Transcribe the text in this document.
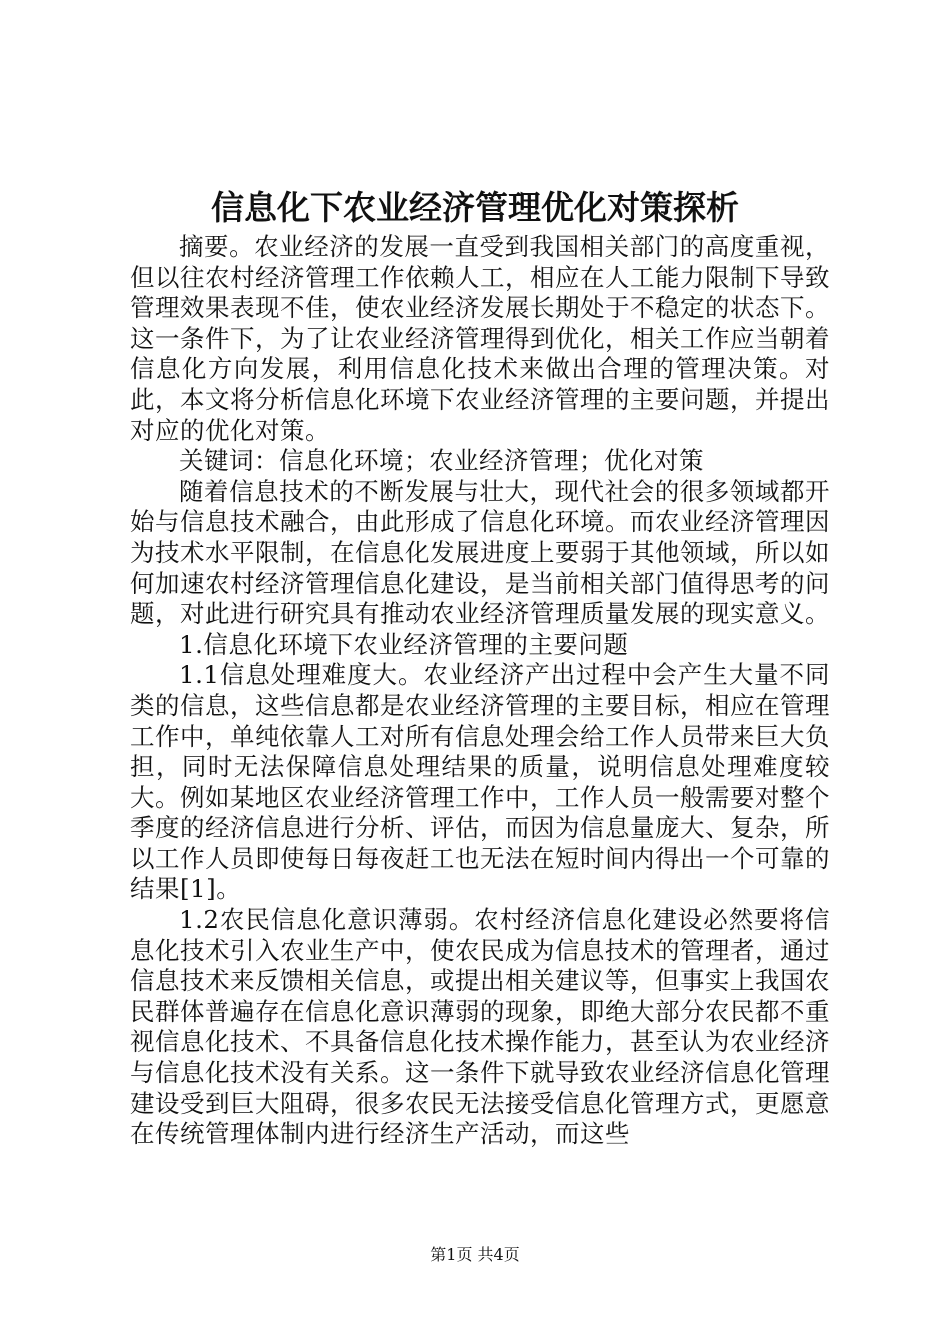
信息化下农业经济管理优化对策探析

摘要。农业经济的发展一直受到我国相关部门的高度重视，但以往农村经济管理工作依赖人工，相应在人工能力限制下导致管理效果表现不佳，使农业经济发展长期处于不稳定的状态下。这一条件下，为了让农业经济管理得到优化，相关工作应当朝着信息化方向发展，利用信息化技术来做出合理的管理决策。对此，本文将分析信息化环境下农业经济管理的主要问题，并提出对应的优化对策。

关键词：信息化环境；农业经济管理；优化对策

随着信息技术的不断发展与壮大，现代社会的很多领域都开始与信息技术融合，由此形成了信息化环境。而农业经济管理因为技术水平限制，在信息化发展进度上要弱于其他领域，所以如何加速农村经济管理信息化建设，是当前相关部门值得思考的问题，对此进行研究具有推动农业经济管理质量发展的现实意义。

1.信息化环境下农业经济管理的主要问题

1.1信息处理难度大。农业经济产出过程中会产生大量不同类的信息，这些信息都是农业经济管理的主要目标，相应在管理工作中，单纯依靠人工对所有信息处理会给工作人员带来巨大负担，同时无法保障信息处理结果的质量，说明信息处理难度较大。例如某地区农业经济管理工作中，工作人员一般需要对整个季度的经济信息进行分析、评估，而因为信息量庞大、复杂，所以工作人员即使每日每夜赶工也无法在短时间内得出一个可靠的结果[1]。

1.2农民信息化意识薄弱。农村经济信息化建设必然要将信息化技术引入农业生产中，使农民成为信息技术的管理者，通过信息技术来反馈相关信息，或提出相关建议等，但事实上我国农民群体普遍存在信息化意识薄弱的现象，即绝大部分农民都不重视信息化技术、不具备信息化技术操作能力，甚至认为农业经济与信息化技术没有关系。这一条件下就导致农业经济信息化管理建设受到巨大阻碍，很多农民无法接受信息化管理方式，更愿意在传统管理体制内进行经济生产活动，而这些

第1页 共4页
